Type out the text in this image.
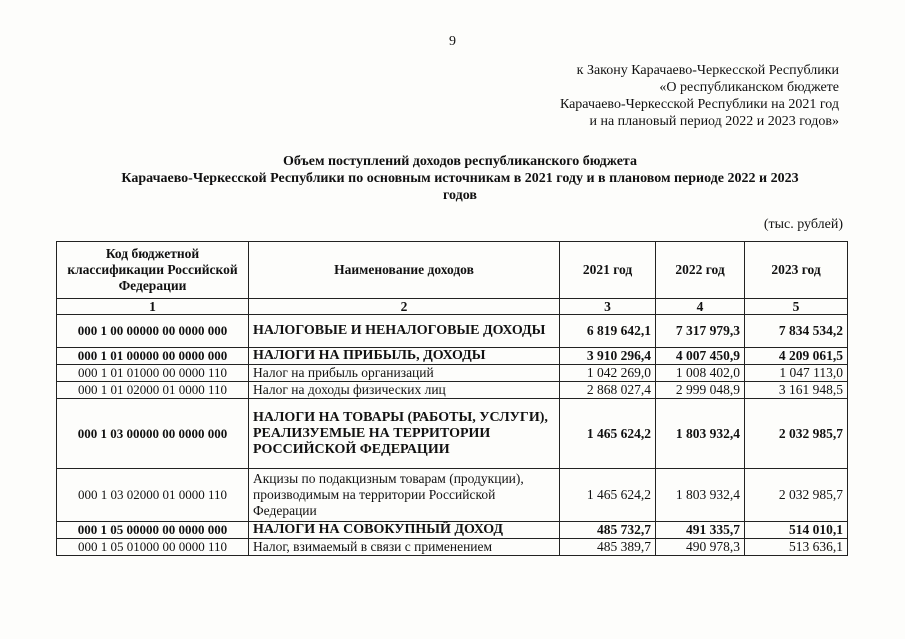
9
к Закону Карачаево-Черкесской Республики
«О республиканском бюджете
Карачаево-Черкесской Республики на 2021 год
и на плановый период 2022 и 2023 годов»
Объем поступлений доходов республиканского бюджета
Карачаево-Черкесской Республики по основным источникам в 2021 году и в плановом периоде 2022 и 2023
годов
(тыс. рублей)
Код бюджетной классификации Российской Федерации	Наименование доходов	2021 год	2022 год	2023 год
1	2	3	4	5
000 1 00 00000 00 0000 000	НАЛОГОВЫЕ И НЕНАЛОГОВЫЕ ДОХОДЫ	6 819 642,1	7 317 979,3	7 834 534,2
000 1 01 00000 00 0000 000	НАЛОГИ НА ПРИБЫЛЬ, ДОХОДЫ	3 910 296,4	4 007 450,9	4 209 061,5
000 1 01 01000 00 0000 110	Налог на прибыль организаций	1 042 269,0	1 008 402,0	1 047 113,0
000 1 01 02000 01 0000 110	Налог на доходы физических лиц	2 868 027,4	2 999 048,9	3 161 948,5
000 1 03 00000 00 0000 000	НАЛОГИ НА ТОВАРЫ (РАБОТЫ, УСЛУГИ), РЕАЛИЗУЕМЫЕ НА ТЕРРИТОРИИ РОССИЙСКОЙ ФЕДЕРАЦИИ	1 465 624,2	1 803 932,4	2 032 985,7
000 1 03 02000 01 0000 110	Акцизы по подакцизным товарам (продукции), производимым на территории Российской Федерации	1 465 624,2	1 803 932,4	2 032 985,7
000 1 05 00000 00 0000 000	НАЛОГИ НА СОВОКУПНЫЙ ДОХОД	485 732,7	491 335,7	514 010,1
000 1 05 01000 00 0000 110	Налог, взимаемый в связи с применением	485 389,7	490 978,3	513 636,1
